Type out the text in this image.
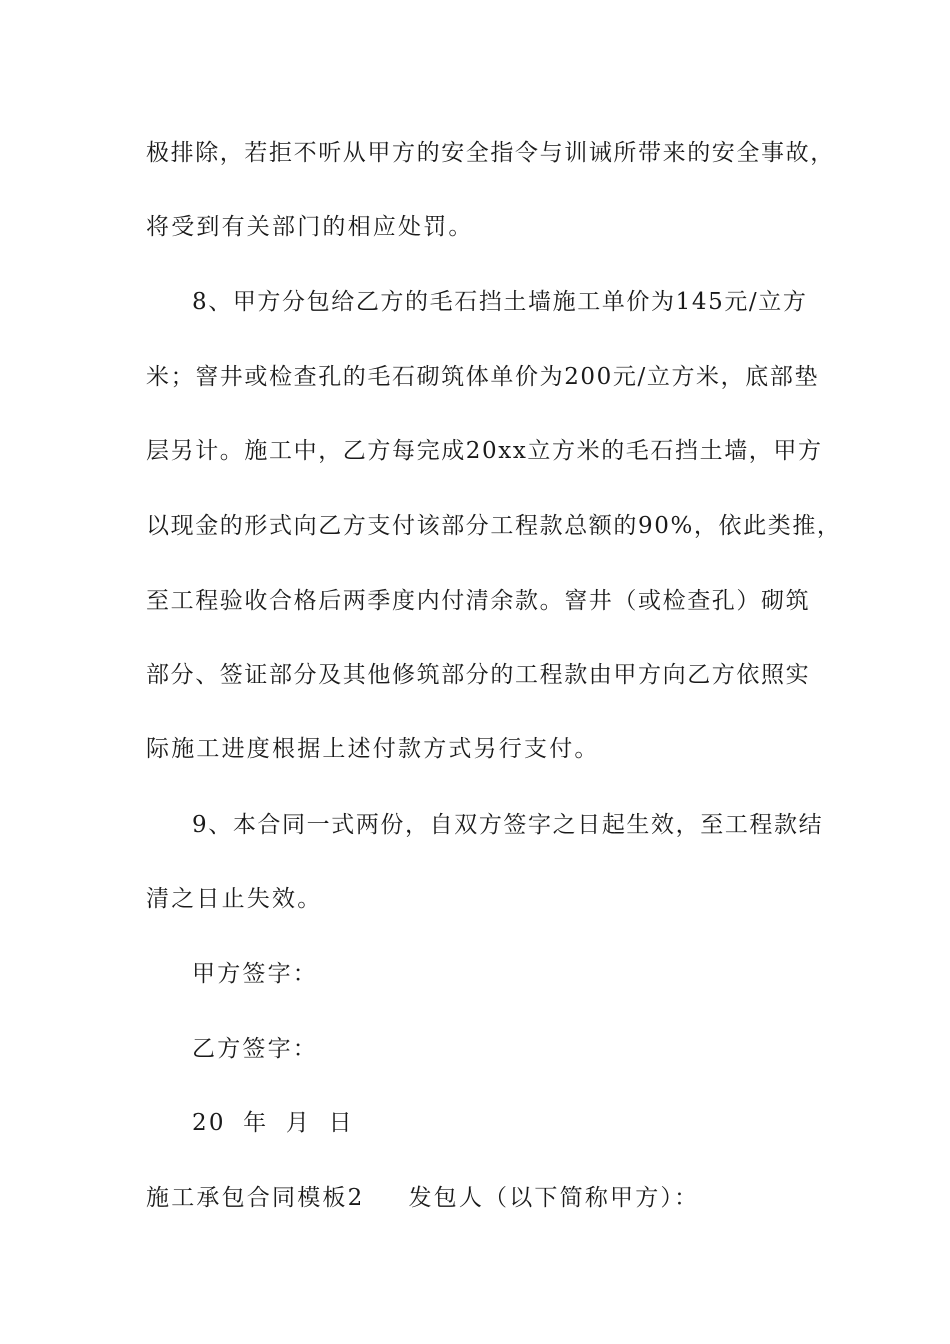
极排除，若拒不听从甲方的安全指令与训诫所带来的安全事故，
将受到有关部门的相应处罚。
8、甲方分包给乙方的毛石挡土墙施工单价为145元/立方
米；窨井或检查孔的毛石砌筑体单价为200元/立方米，底部垫
层另计。施工中，乙方每完成20xx立方米的毛石挡土墙，甲方
以现金的形式向乙方支付该部分工程款总额的90%，依此类推，
至工程验收合格后两季度内付清余款。窨井（或检查孔）砌筑
部分、签证部分及其他修筑部分的工程款由甲方向乙方依照实
际施工进度根据上述付款方式另行支付。
9、本合同一式两份，自双方签字之日起生效，至工程款结
清之日止失效。
甲方签字：
乙方签字：
20 年 月 日
施工承包合同模板2 发包人（以下简称甲方）：
